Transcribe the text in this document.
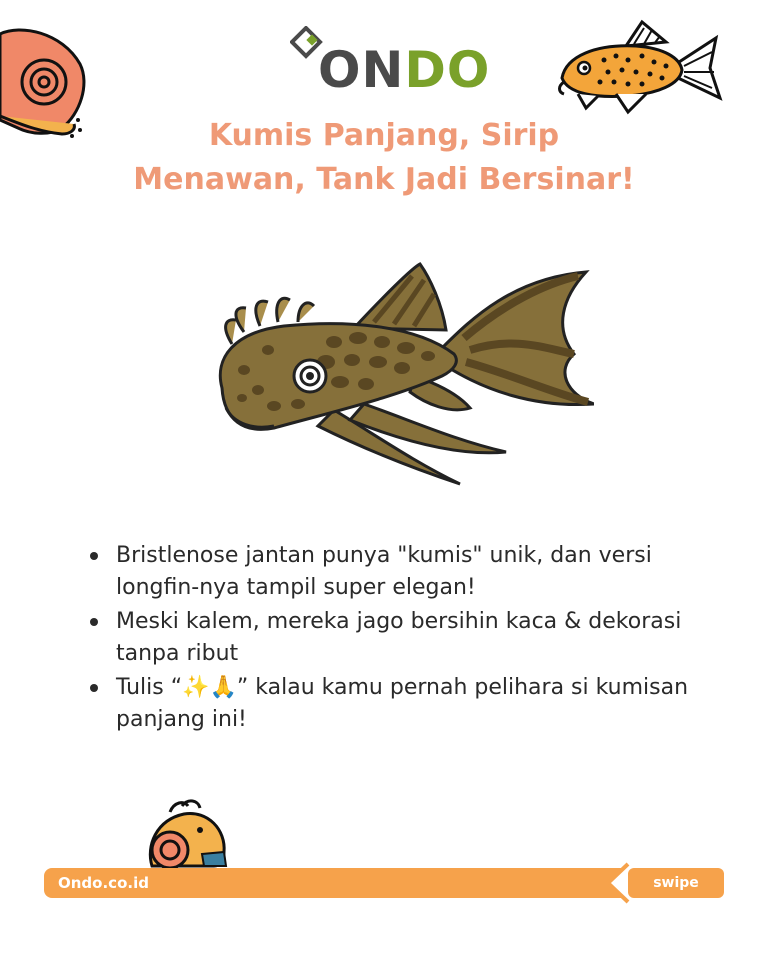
ONDO
Kumis Panjang, Sirip
Menawan, Tank Jadi Bersinar!
Bristlenose jantan punya "kumis" unik, dan versi longfin-nya tampil super elegan!
Meski kalem, mereka jago bersihin kaca & dekorasi tanpa ribut
Tulis “✨🙏” kalau kamu pernah pelihara si kumisan panjang ini!
Ondo.co.id	swipe
